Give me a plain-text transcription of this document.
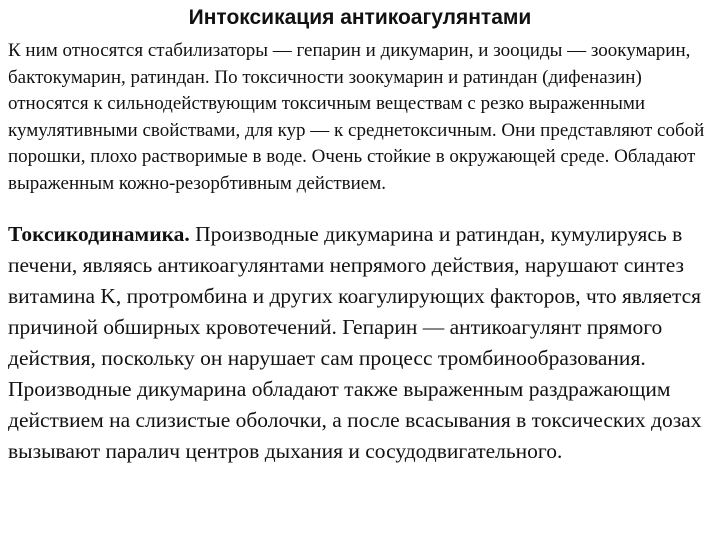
Интоксикация антикоагулянтами

К ним относятся стабилизаторы — гепарин и дикумарин, и зооциды — зоокумарин, бактокумарин, ратиндан. По токсичности зоокумарин и ратиндан (дифеназин) относятся к сильнодействующим токсичным веществам с резко выраженными кумулятивными свойствами, для кур — к среднетоксичным. Они представляют собой порошки, плохо растворимые в воде. Очень стойкие в окружающей среде. Обладают выраженным кожно-резорбтивным действием.

Токсикодинамика. Производные дикумарина и ратиндан, кумулируясь в печени, являясь антикоагулянтами непрямого действия, нарушают синтез витамина K, протромбина и других коагулирующих факторов, что является причиной обширных кровотечений. Гепарин — антикоагулянт прямого действия, поскольку он нарушает сам процесс тромбинообразования. Производные дикумарина обладают также выраженным раздражающим действием на слизистые оболочки, а после всасывания в токсических дозах вызывают паралич центров дыхания и сосудодвигательного.
